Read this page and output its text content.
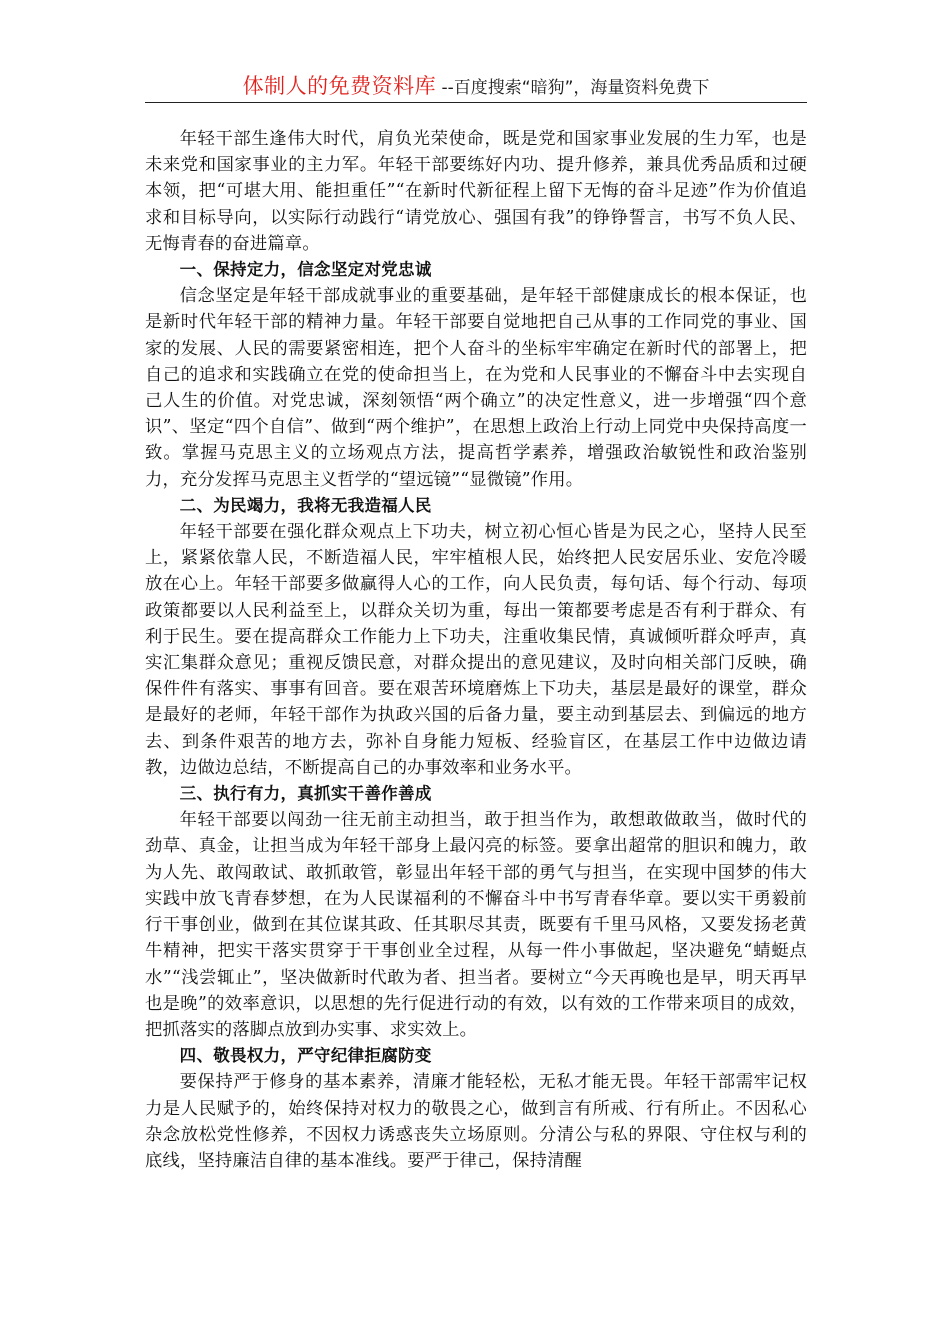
体制人的免费资料库 --百度搜索“暗狗”，海量资料免费下

年轻干部生逢伟大时代，肩负光荣使命，既是党和国家事业发展的生力军，也是未来党和国家事业的主力军。年轻干部要练好内功、提升修养，兼具优秀品质和过硬本领，把“可堪大用、能担重任”“在新时代新征程上留下无悔的奋斗足迹”作为价值追求和目标导向，以实际行动践行“请党放心、强国有我”的铮铮誓言，书写不负人民、无悔青春的奋进篇章。

一、保持定力，信念坚定对党忠诚

信念坚定是年轻干部成就事业的重要基础，是年轻干部健康成长的根本保证，也是新时代年轻干部的精神力量。年轻干部要自觉地把自己从事的工作同党的事业、国家的发展、人民的需要紧密相连，把个人奋斗的坐标牢牢确定在新时代的部署上，把自己的追求和实践确立在党的使命担当上，在为党和人民事业的不懈奋斗中去实现自己人生的价值。对党忠诚，深刻领悟“两个确立”的决定性意义，进一步增强“四个意识”、坚定“四个自信”、做到“两个维护”，在思想上政治上行动上同党中央保持高度一致。掌握马克思主义的立场观点方法，提高哲学素养，增强政治敏锐性和政治鉴别力，充分发挥马克思主义哲学的“望远镜”“显微镜”作用。

二、为民竭力，我将无我造福人民

年轻干部要在强化群众观点上下功夫，树立初心恒心皆是为民之心，坚持人民至上，紧紧依靠人民，不断造福人民，牢牢植根人民，始终把人民安居乐业、安危冷暖放在心上。年轻干部要多做赢得人心的工作，向人民负责，每句话、每个行动、每项政策都要以人民利益至上，以群众关切为重，每出一策都要考虑是否有利于群众、有利于民生。要在提高群众工作能力上下功夫，注重收集民情，真诚倾听群众呼声，真实汇集群众意见；重视反馈民意，对群众提出的意见建议，及时向相关部门反映，确保件件有落实、事事有回音。要在艰苦环境磨炼上下功夫，基层是最好的课堂，群众是最好的老师，年轻干部作为执政兴国的后备力量，要主动到基层去、到偏远的地方去、到条件艰苦的地方去，弥补自身能力短板、经验盲区，在基层工作中边做边请教，边做边总结，不断提高自己的办事效率和业务水平。

三、执行有力，真抓实干善作善成

年轻干部要以闯劲一往无前主动担当，敢于担当作为，敢想敢做敢当，做时代的劲草、真金，让担当成为年轻干部身上最闪亮的标签。要拿出超常的胆识和魄力，敢为人先、敢闯敢试、敢抓敢管，彰显出年轻干部的勇气与担当，在实现中国梦的伟大实践中放飞青春梦想，在为人民谋福利的不懈奋斗中书写青春华章。要以实干勇毅前行干事创业，做到在其位谋其政、任其职尽其责，既要有千里马风格，又要发扬老黄牛精神，把实干落实贯穿于干事创业全过程，从每一件小事做起，坚决避免“蜻蜓点水”“浅尝辄止”，坚决做新时代敢为者、担当者。要树立“今天再晚也是早，明天再早也是晚”的效率意识，以思想的先行促进行动的有效，以有效的工作带来项目的成效，把抓落实的落脚点放到办实事、求实效上。

四、敬畏权力，严守纪律拒腐防变

要保持严于修身的基本素养，清廉才能轻松，无私才能无畏。年轻干部需牢记权力是人民赋予的，始终保持对权力的敬畏之心，做到言有所戒、行有所止。不因私心杂念放松党性修养，不因权力诱惑丧失立场原则。分清公与私的界限、守住权与利的底线，坚持廉洁自律的基本准线。要严于律己，保持清醒
